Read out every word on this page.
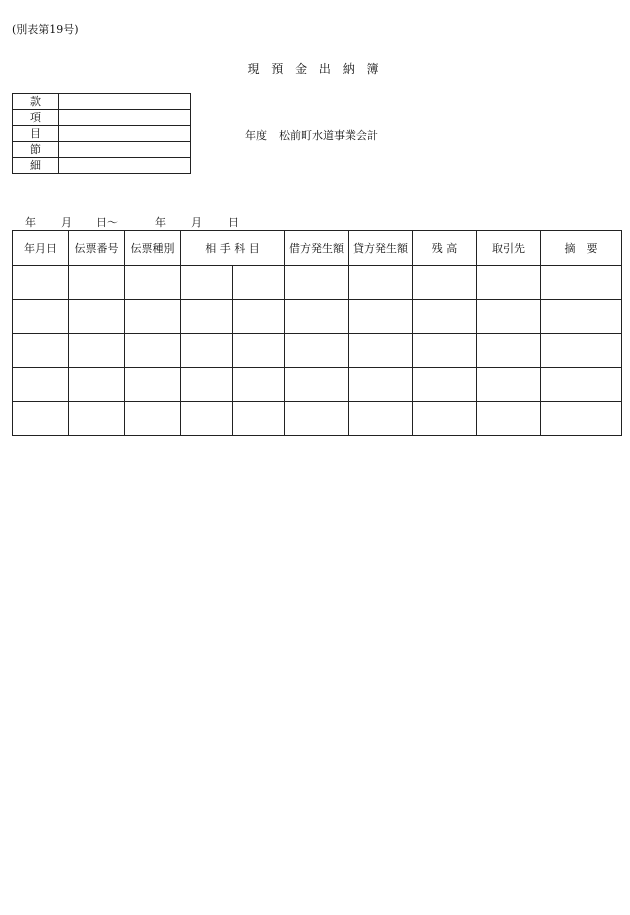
(別表第19号)
現 預 金 出 納 簿
款	
項	
目	
節	
細	
年度 松前町水道事業会計
年 月 日〜	年 月 日
年月日	伝票番号	伝票種別	相 手 科 目		借方発生額	貸方発生額	残 高	取引先	摘　要
